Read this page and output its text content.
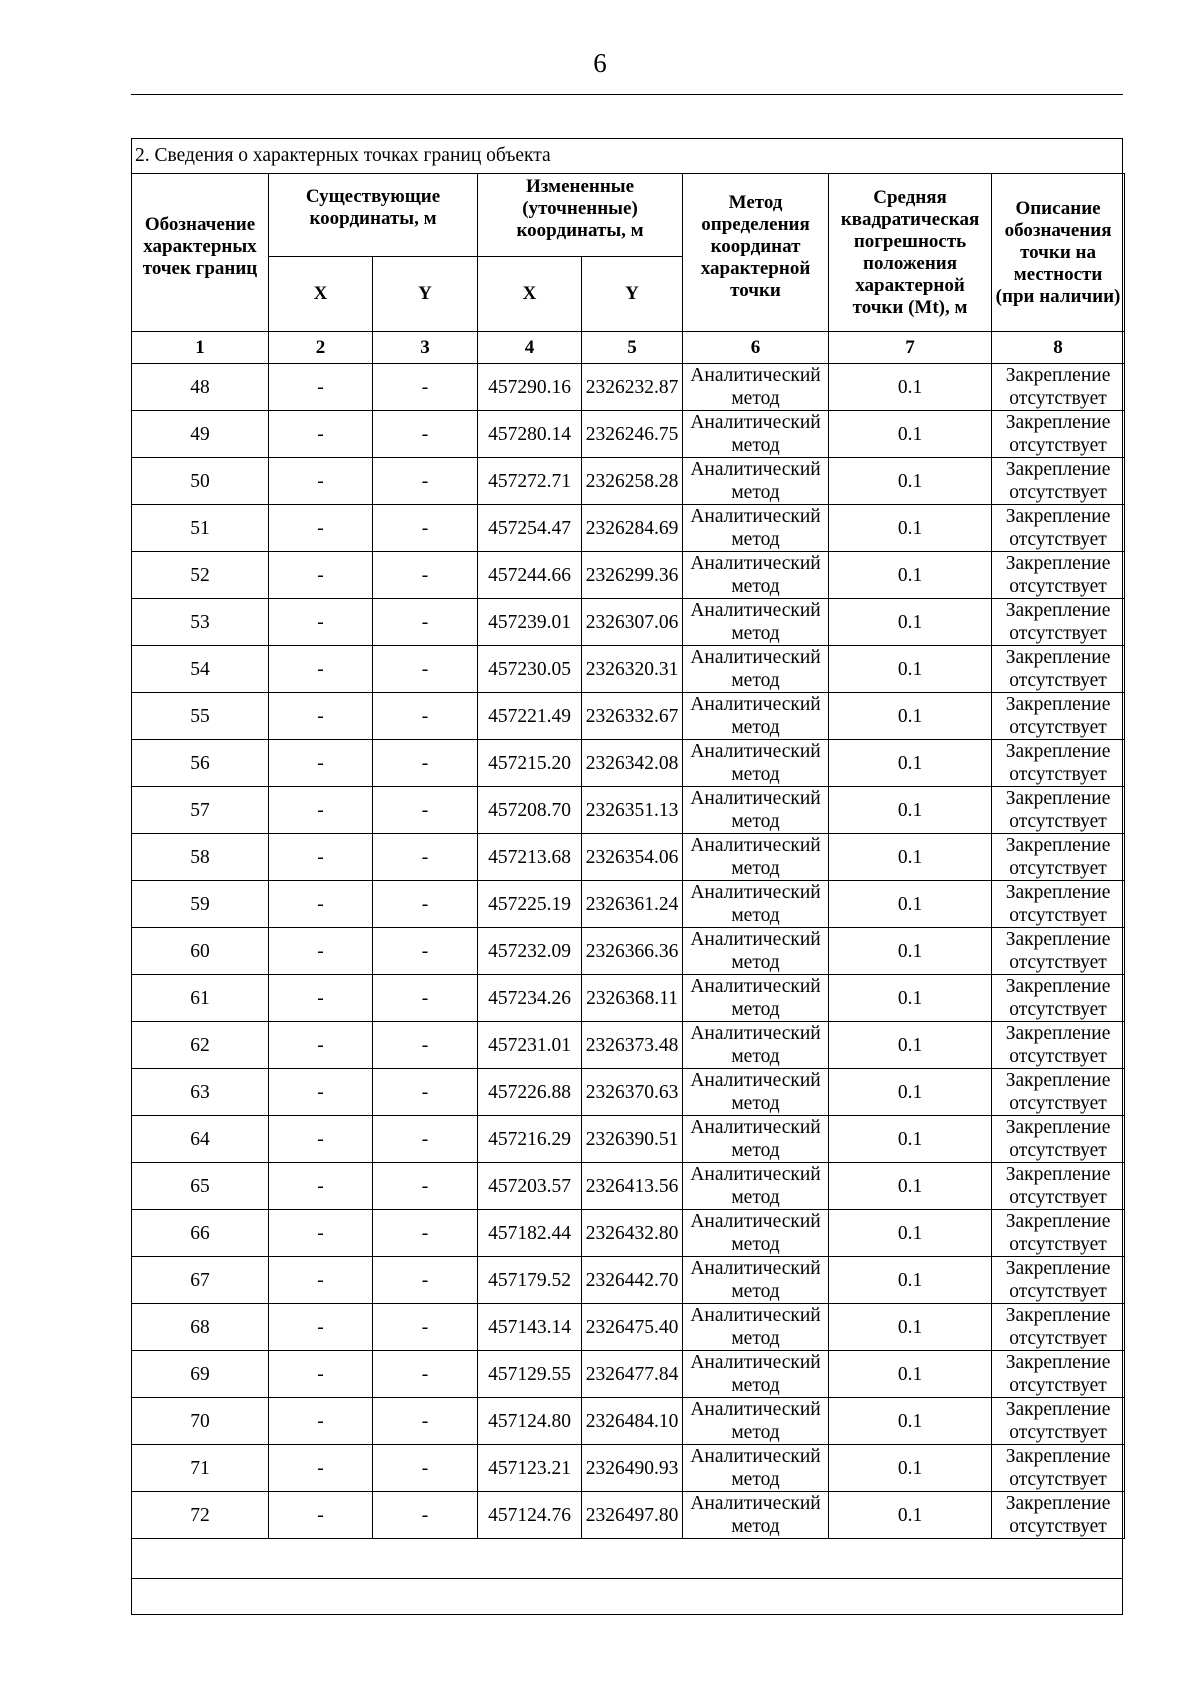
6
2. Сведения о характерных точках границ объекта
Обозначение характерных точек границ	Существующие координаты, м		Измененные (уточненные) координаты, м		Метод определения координат характерной точки	Средняя квадратическая погрешность положения характерной точки (Mt), м	Описание обозначения точки на местности (при наличии)
	X	Y	X	Y			
1	2	3	4	5	6	7	8
48	-	-	457290.16	2326232.87	Аналитический метод	0.1	Закрепление отсутствует
49	-	-	457280.14	2326246.75	Аналитический метод	0.1	Закрепление отсутствует
50	-	-	457272.71	2326258.28	Аналитический метод	0.1	Закрепление отсутствует
51	-	-	457254.47	2326284.69	Аналитический метод	0.1	Закрепление отсутствует
52	-	-	457244.66	2326299.36	Аналитический метод	0.1	Закрепление отсутствует
53	-	-	457239.01	2326307.06	Аналитический метод	0.1	Закрепление отсутствует
54	-	-	457230.05	2326320.31	Аналитический метод	0.1	Закрепление отсутствует
55	-	-	457221.49	2326332.67	Аналитический метод	0.1	Закрепление отсутствует
56	-	-	457215.20	2326342.08	Аналитический метод	0.1	Закрепление отсутствует
57	-	-	457208.70	2326351.13	Аналитический метод	0.1	Закрепление отсутствует
58	-	-	457213.68	2326354.06	Аналитический метод	0.1	Закрепление отсутствует
59	-	-	457225.19	2326361.24	Аналитический метод	0.1	Закрепление отсутствует
60	-	-	457232.09	2326366.36	Аналитический метод	0.1	Закрепление отсутствует
61	-	-	457234.26	2326368.11	Аналитический метод	0.1	Закрепление отсутствует
62	-	-	457231.01	2326373.48	Аналитический метод	0.1	Закрепление отсутствует
63	-	-	457226.88	2326370.63	Аналитический метод	0.1	Закрепление отсутствует
64	-	-	457216.29	2326390.51	Аналитический метод	0.1	Закрепление отсутствует
65	-	-	457203.57	2326413.56	Аналитический метод	0.1	Закрепление отсутствует
66	-	-	457182.44	2326432.80	Аналитический метод	0.1	Закрепление отсутствует
67	-	-	457179.52	2326442.70	Аналитический метод	0.1	Закрепление отсутствует
68	-	-	457143.14	2326475.40	Аналитический метод	0.1	Закрепление отсутствует
69	-	-	457129.55	2326477.84	Аналитический метод	0.1	Закрепление отсутствует
70	-	-	457124.80	2326484.10	Аналитический метод	0.1	Закрепление отсутствует
71	-	-	457123.21	2326490.93	Аналитический метод	0.1	Закрепление отсутствует
72	-	-	457124.76	2326497.80	Аналитический метод	0.1	Закрепление отсутствует
